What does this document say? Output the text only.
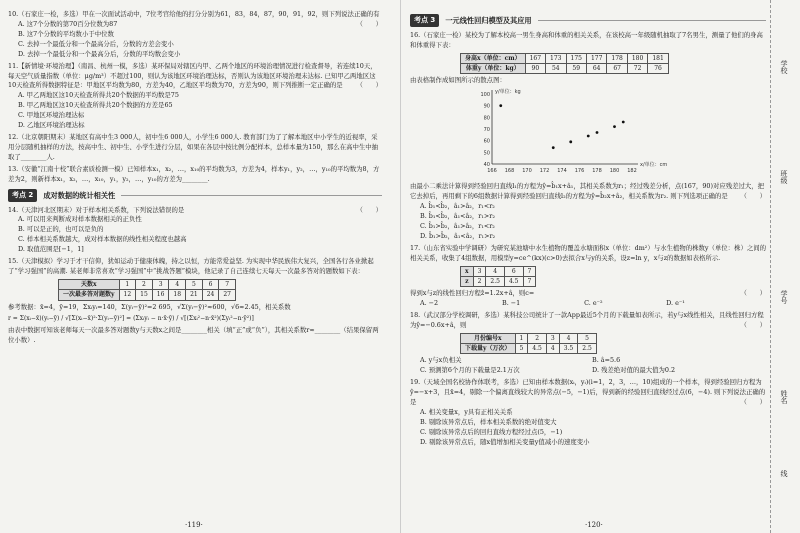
10.（石家庄一检，多选）甲在一次面试活动中，7位考官给他的打分分别为61，83，84，87，90，91，92，则下列说法正确的有
（　　）
A. 这7个分数的第70百分位数为87
B. 这7个分数的平均数小于中位数
C. 去掉一个最低分和一个最高分后，分数的方差会变小
D. 去掉一个最低分和一个最高分后，分数的平均数会变小
11.【新情境·环境治理】（南昌、杭州一模，多选）某环保局对辖区内甲、乙两个地区的环境治理情况进行检查督导，若连续10天，每天空气质量指数（单位：μg/m³）不超过100，则认为该地区环境治理达标，否则认为该地区环境治理未达标. 已知甲乙两地区这10天检查所得数据特征是：甲地区平均数为80，方差为40，乙地区平均数为70，方差为90，则下列推断一定正确的是 （　　）
A. 甲乙两地区这10天检查所得共20个数据的平均数是75
B. 甲乙两地区这10天检查所得共20个数据的方差是65
C. 甲地区环境治理达标
D. 乙地区环境治理达标
12.（北京朝阳期末）某地区有高中生3 000人，初中生6 000人，小学生6 000人. 教育部门为了了解本地区中小学生的近视率，采用分层随机抽样的方法，按高中生、初中生、小学生进行分层，如果在各层中按比例分配样本，总样本量为150，那么在高中生中抽取了________人.
13.（安徽“江南十校”联合素质检测一模）已知样本x₁，x₂，…，x₁₀的平均数为3，方差为4，样本y₁，y₂，…，y₁₀的平均数为8，方差为2，则新样本x₁，x₂，…，x₁₀，y₁，y₂，…，y₁₀的方差为________.
考点 2	成对数据的统计相关性
14.（天津河北区期末）对于样本相关系数，下列说法错误的是	（　　）
A. 可以用来判断成对样本数据相关的正负性
B. 可以是正的，也可以是负的
C. 样本相关系数越大，成对样本数据的线性相关程度也越高
D. 取值范围是[−1，1]
15.（天津模拟）学习于才干信仰，犹如运动于健康体魄，持之以恒，方能常爱益坚. 为实现中华民族伟大复兴，全国各行各业掀起了“学习强国”的高潮. 某老师非常喜欢“学习强国”中“挑战答题”模块，他记录了自己连续七天每天一次最多答对的题数如下表：
天数x	1	2	3	4	5	6	7
一次最多答对题数y	12	15	16	18	21	24	27
参考数据：x̄=4，ȳ=19，Σxᵢyᵢ=140，Σ(yᵢ−ȳ)²=2 695，√Σ(yᵢ−ȳ)²≈600，√6≈2.45，相关系数
r = Σ(xᵢ−x̄)(yᵢ−ȳ) / √[Σ(xᵢ−x̄)²·Σ(yᵢ−ȳ)²] = (Σxᵢyᵢ − n·x̄·ȳ) / √[(Σxᵢ²−n·x̄²)(Σyᵢ²−n·ȳ²)]
由表中数据可知该老师每天一次最多答对题数y与天数x之间是________相关（填“正”或“负”），其相关系数r≈________（结果保留两位小数）.
·119·
考点 3	一元线性回归模型及其应用
16.（石家庄一检）某校为了解本校高一男生身高和体重的相关关系，在该校高一年级随机抽取了7名男生，测量了他们的身高和体重得下表：
身高x（单位：cm）	167	173	175	177	178	180	181
体重y（单位：kg）	90	54	59	64	67	72	76
由表格制作成如图所示的散点图：
166 168 170 172 174 176 178 180 182
40
50
60
70
80
90
100 y/单位：kg
x/单位：cm
由最小二乘法计算得到经验回归直线l₁的方程为ŷ=b̂₁x+â₁，其相关系数为r₁；经过残差分析，点(167，90)对应残差过大，把它去掉后，再用剩下的6组数据计算得到经验回归直线l₂的方程为ŷ=b̂₂x+â₂，相关系数为r₂. 则下列选项正确的是 （　　）
A. b̂₁<b̂₂，â₁>â₂，r₁<r₂
B. b̂₁<b̂₂，â₁<â₂，r₁>r₂
C. b̂₁>b̂₂，â₁>â₂，r₁<r₂
D. b̂₁>b̂₂，â₁<â₂，r₁>r₂
17.（山东省实验中学调研）为研究某池塘中水生植物的覆盖水塘面积x（单位：dm²）与水生植物的株数y（单位：株）之间的相关关系，收集了4组数据，用模型y=ce^(kx)(c>0)去拟合x与y的关系，设z=ln y，x与z的数据如表格所示.
x	3	4	6	7
z	2	2.5	4.5	7
得到x与z的线性回归方程ẑ=1.2x+â，则c=	（　　）
A. −2	B. −1	C. e⁻²	D. e⁻¹
18.（武汉部分学校调研，多选）某科技公司统计了一款App最近5个月的下载量如表所示，若y与x线性相关，且线性回归方程为ŷ=−0.6x+â，则	（　　）
月份编号x	1	2	3	4	5
下载量y（万次）	5	4.5	4	3.5	2.5
A. y与x负相关	B. â=5.6
C. 预测第6个月的下载量是2.1万次	D. 残差绝对值的最大值为0.2
19.（天域全国名校协作体联考，多选）已知由样本数据(xᵢ，yᵢ)(i=1，2，3，…，10)组成的一个样本，得到经验回归方程为ŷ=−x+3，且x̄=4，剔除一个偏离直线较大的异常点(−5，−1)后，得到新的经验回归直线经过点(6，−4). 则下列说法正确的是	（　　）
A. 相关变量x，y具有正相关关系
B. 剔除该异常点后，样本相关系数的绝对值变大
C. 剔除该异常点后的回归直线方程经过点(5，−1)
D. 剔除该异常点后，随x值增加相关变量y值减小的速度变小
·120·
学校
班级
姓名
学号
线
